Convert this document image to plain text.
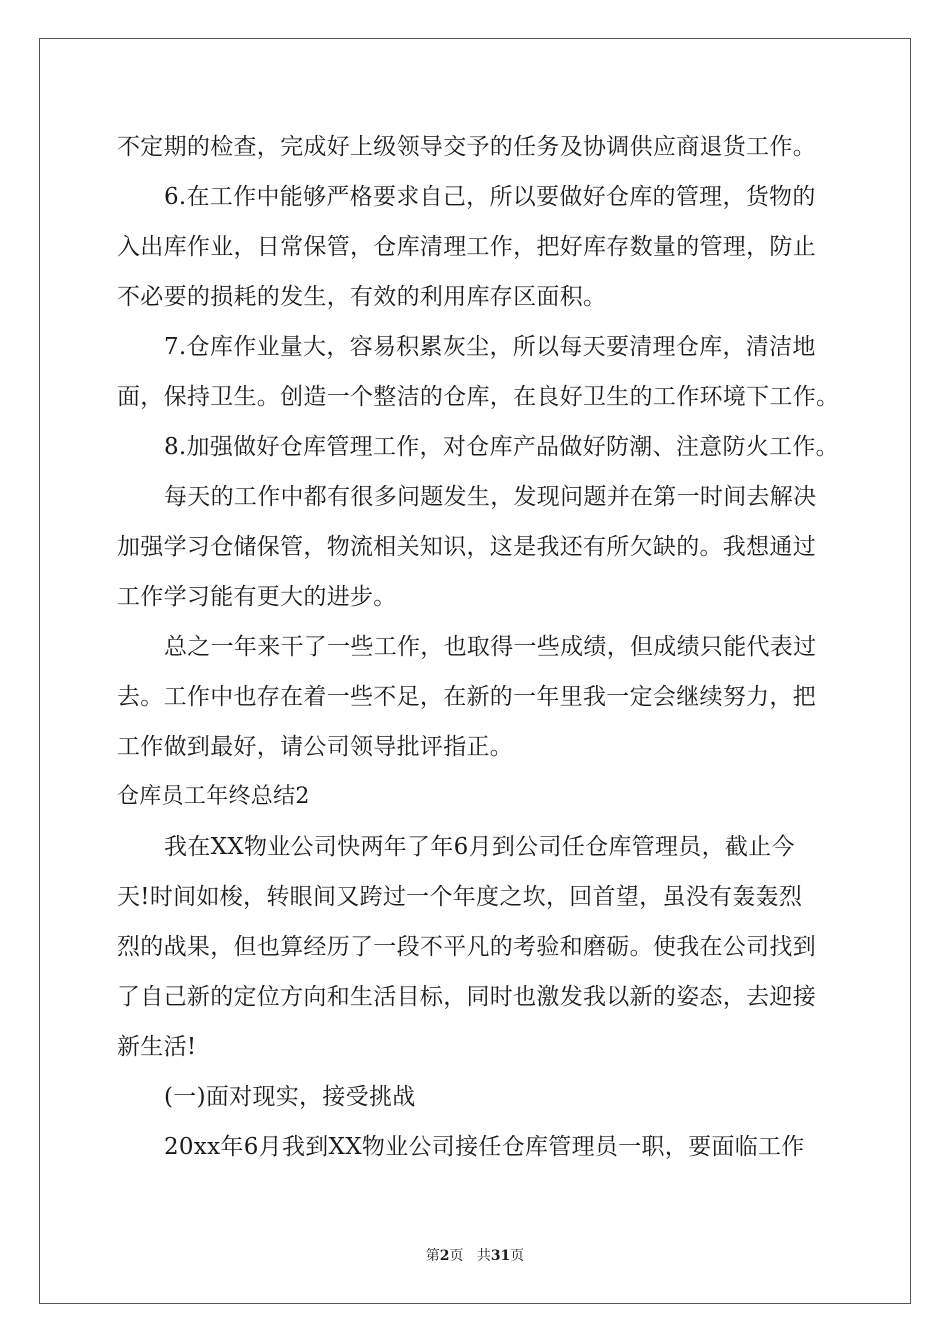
不定期的检查，完成好上级领导交予的任务及协调供应商退货工作。
6.在工作中能够严格要求自己，所以要做好仓库的管理，货物的
入出库作业，日常保管，仓库清理工作，把好库存数量的管理，防止
不必要的损耗的发生，有效的利用库存区面积。
7.仓库作业量大，容易积累灰尘，所以每天要清理仓库，清洁地
面，保持卫生。创造一个整洁的仓库，在良好卫生的工作环境下工作。
8.加强做好仓库管理工作，对仓库产品做好防潮、注意防火工作。
每天的工作中都有很多问题发生，发现问题并在第一时间去解决
加强学习仓储保管，物流相关知识，这是我还有所欠缺的。我想通过
工作学习能有更大的进步。
总之一年来干了一些工作，也取得一些成绩，但成绩只能代表过
去。工作中也存在着一些不足，在新的一年里我一定会继续努力，把
工作做到最好，请公司领导批评指正。
仓库员工年终总结2
我在XX物业公司快两年了年6月到公司任仓库管理员，截止今
天!时间如梭，转眼间又跨过一个年度之坎，回首望，虽没有轰轰烈
烈的战果，但也算经历了一段不平凡的考验和磨砺。使我在公司找到
了自己新的定位方向和生活目标，同时也激发我以新的姿态，去迎接
新生活!
(一)面对现实，接受挑战
20xx年6月我到XX物业公司接任仓库管理员一职，要面临工作
第2页 共31页
